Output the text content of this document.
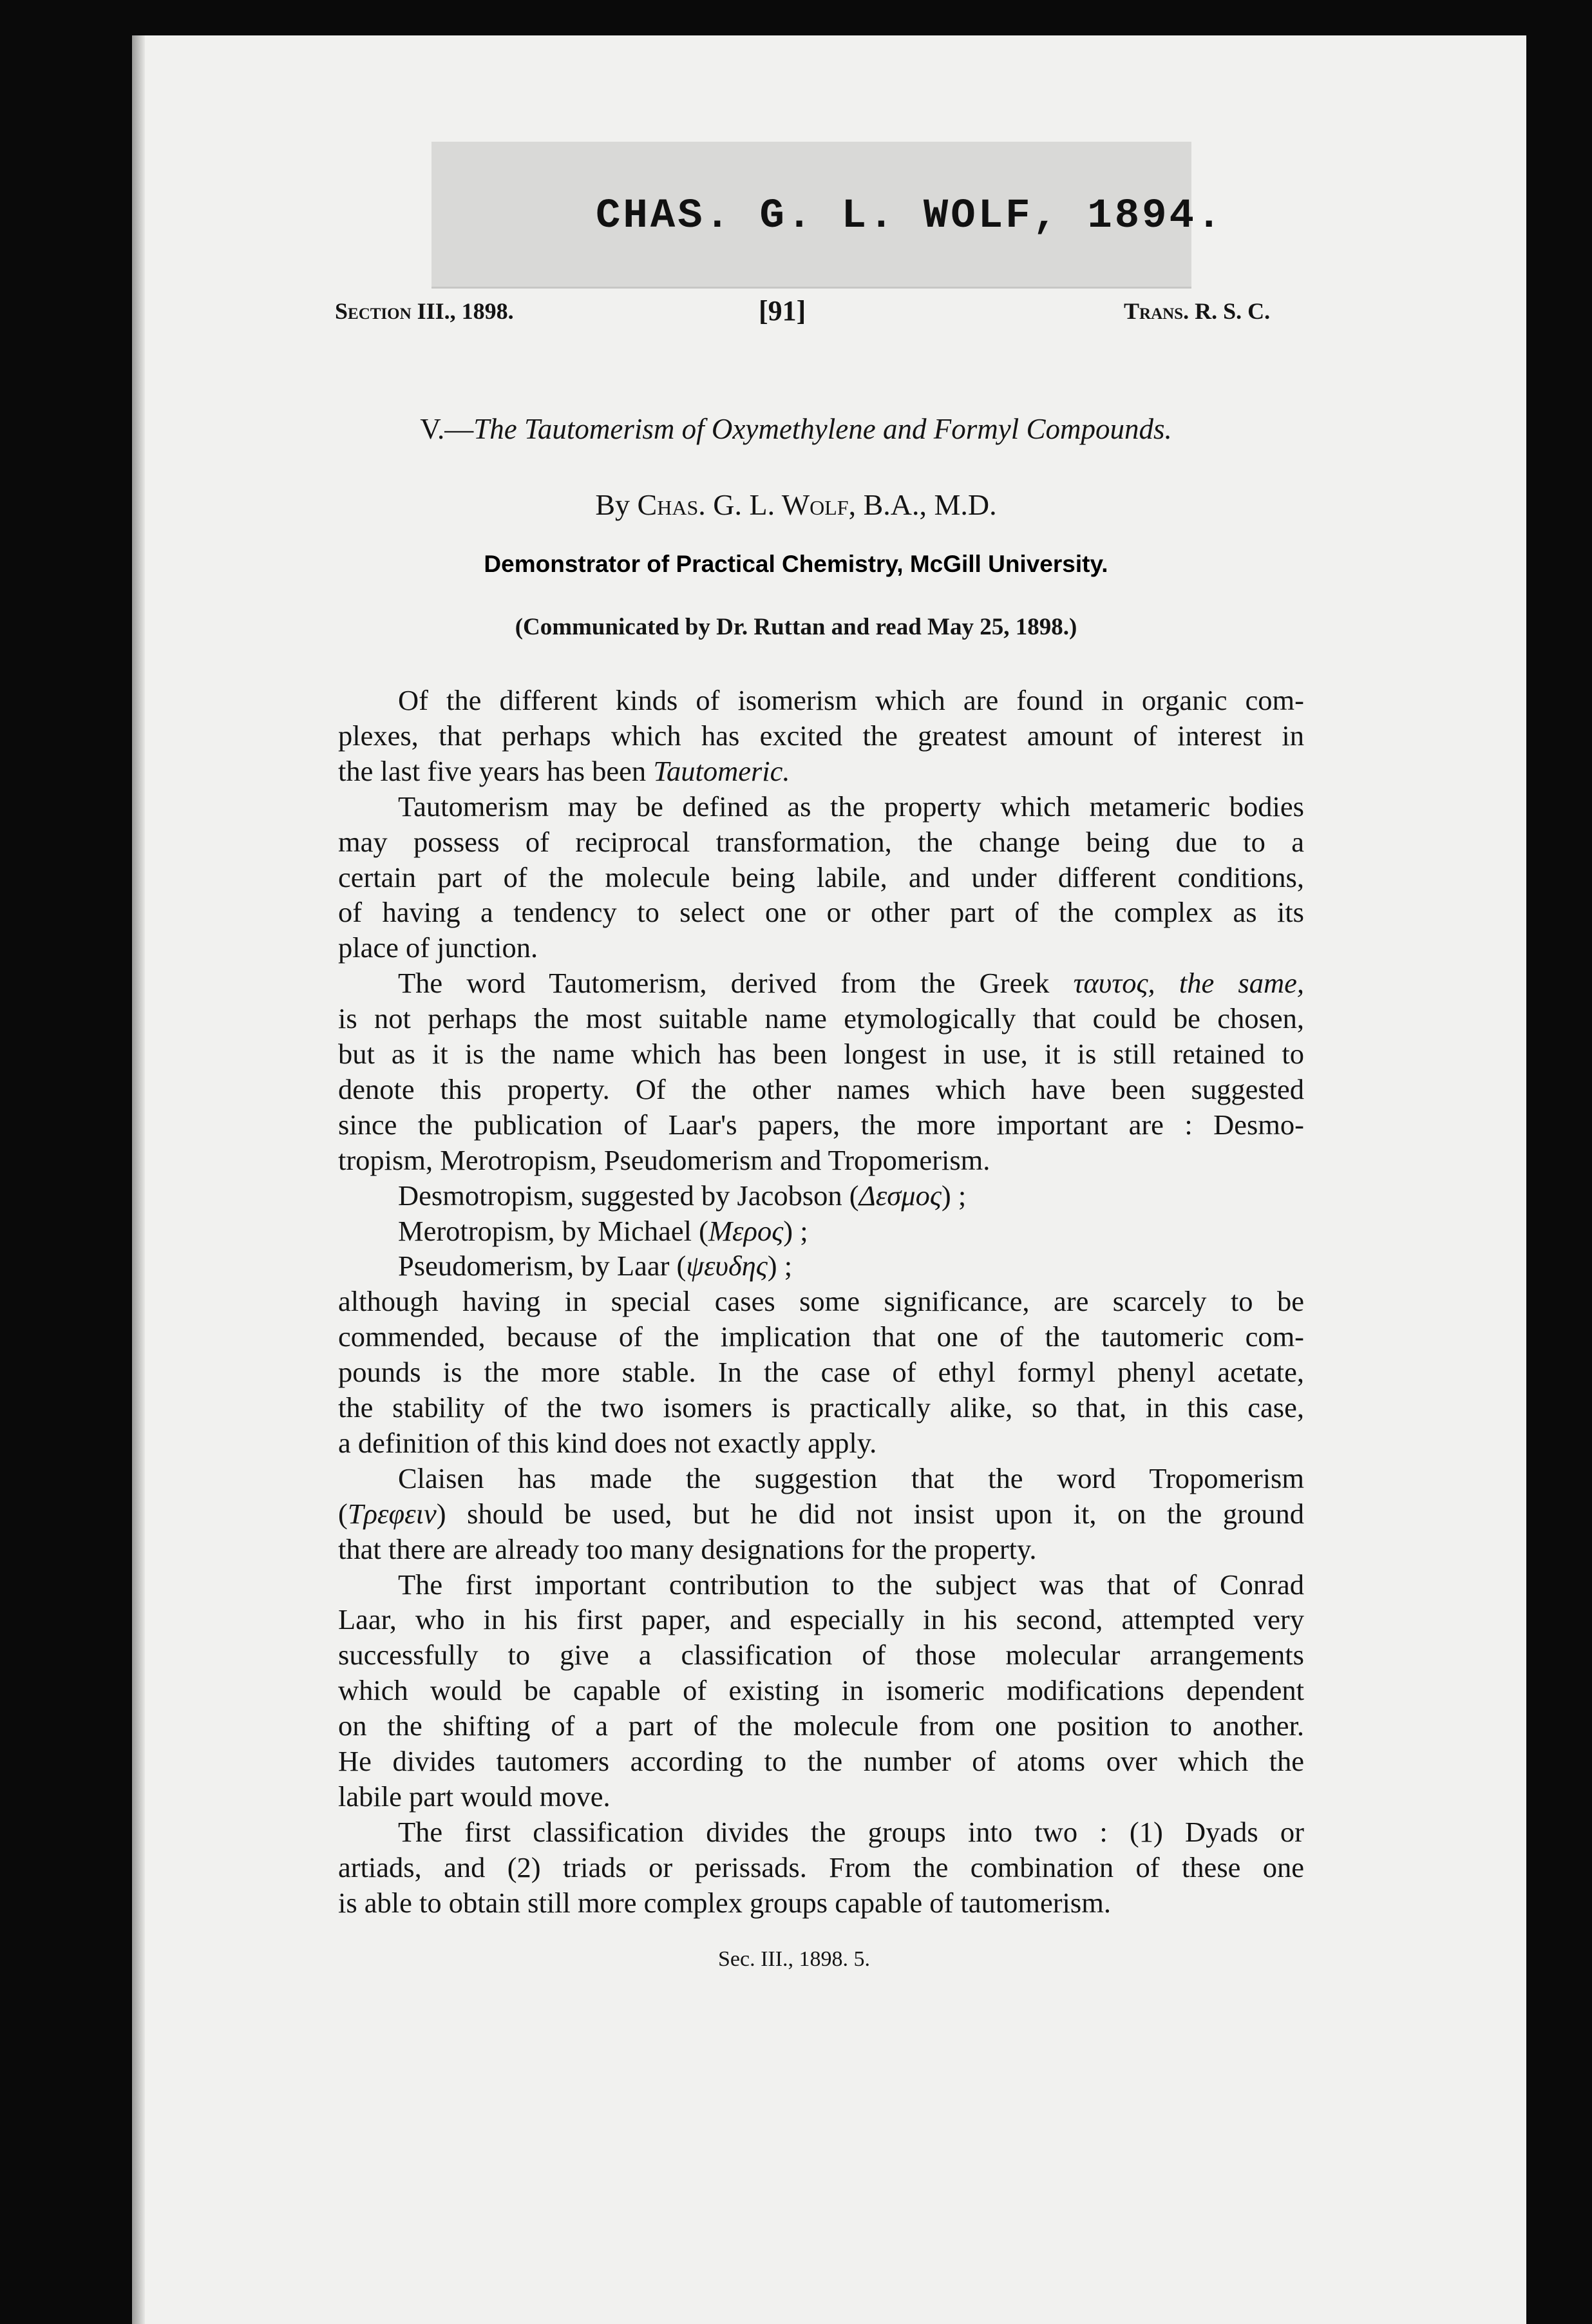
CHAS. G. L. WOLF, 1894.
Section III., 1898.	[91]	Trans. R. S. C.
V.—The Tautomerism of Oxymethylene and Formyl Compounds.
By Chas. G. L. Wolf, B.A., M.D.
Demonstrator of Practical Chemistry, McGill University.
(Communicated by Dr. Ruttan and read May 25, 1898.)
Of the different kinds of isomerism which are found in organic com-
plexes, that perhaps which has excited the greatest amount of interest in
the last five years has been Tautomeric.
Tautomerism may be defined as the property which metameric bodies
may possess of reciprocal transformation, the change being due to a
certain part of the molecule being labile, and under different conditions,
of having a tendency to select one or other part of the complex as its
place of junction.
The word Tautomerism, derived from the Greek ταυτος, the same,
is not perhaps the most suitable name etymologically that could be chosen,
but as it is the name which has been longest in use, it is still retained to
denote this property. Of the other names which have been suggested
since the publication of Laar's papers, the more important are : Desmo-
tropism, Merotropism, Pseudomerism and Tropomerism.
Desmotropism, suggested by Jacobson (Δεσμος) ;
Merotropism, by Michael (Μερος) ;
Pseudomerism, by Laar (ψευδης) ;
although having in special cases some significance, are scarcely to be
commended, because of the implication that one of the tautomeric com-
pounds is the more stable. In the case of ethyl formyl phenyl acetate,
the stability of the two isomers is practically alike, so that, in this case,
a definition of this kind does not exactly apply.
Claisen has made the suggestion that the word Tropomerism
(Τρεφειν) should be used, but he did not insist upon it, on the ground
that there are already too many designations for the property.
The first important contribution to the subject was that of Conrad
Laar, who in his first paper, and especially in his second, attempted very
successfully to give a classification of those molecular arrangements
which would be capable of existing in isomeric modifications dependent
on the shifting of a part of the molecule from one position to another.
He divides tautomers according to the number of atoms over which the
labile part would move.
The first classification divides the groups into two : (1) Dyads or
artiads, and (2) triads or perissads. From the combination of these one
is able to obtain still more complex groups capable of tautomerism.
Sec. III., 1898. 5.
